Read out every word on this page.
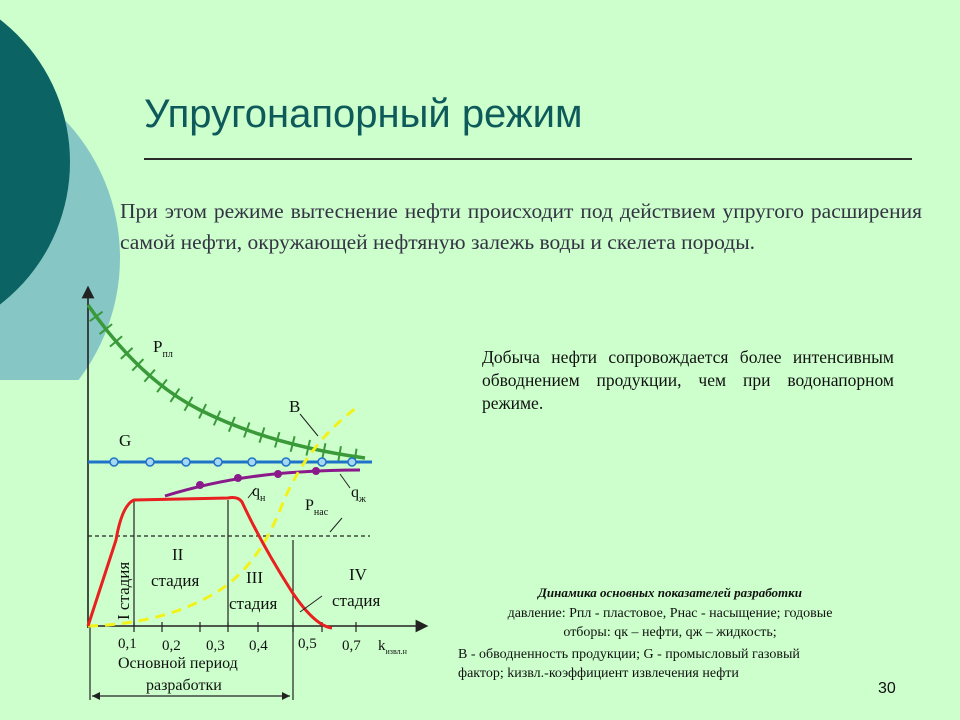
Упругонапорный режим
При этом режиме вытеснение нефти происходит под действием упругого расширения самой нефти, окружающей нефтяную залежь воды и скелета породы.
Добыча нефти сопровождается более интенсивным обводнением продукции, чем при водонапорном режиме.
$P_{пл}$
G
B
$q_н$	$q_ж$
$P_{нас}$
I стадия
II
стадия	III
стадия
IV
стадия
0,1 0,2 0,3 0,4 0,5 0,7 $k_{извл.н}$
Основной период
разработки
Динамика основных показателей разработки
давление: Рпл - пластовое, Рнас - насыщение; годовые
отборы: qк – нефти, qж – жидкость;
В - обводненность продукции; G - промысловый газовый
фактор; kизвл.-коэффициент извлечения нефти
30
